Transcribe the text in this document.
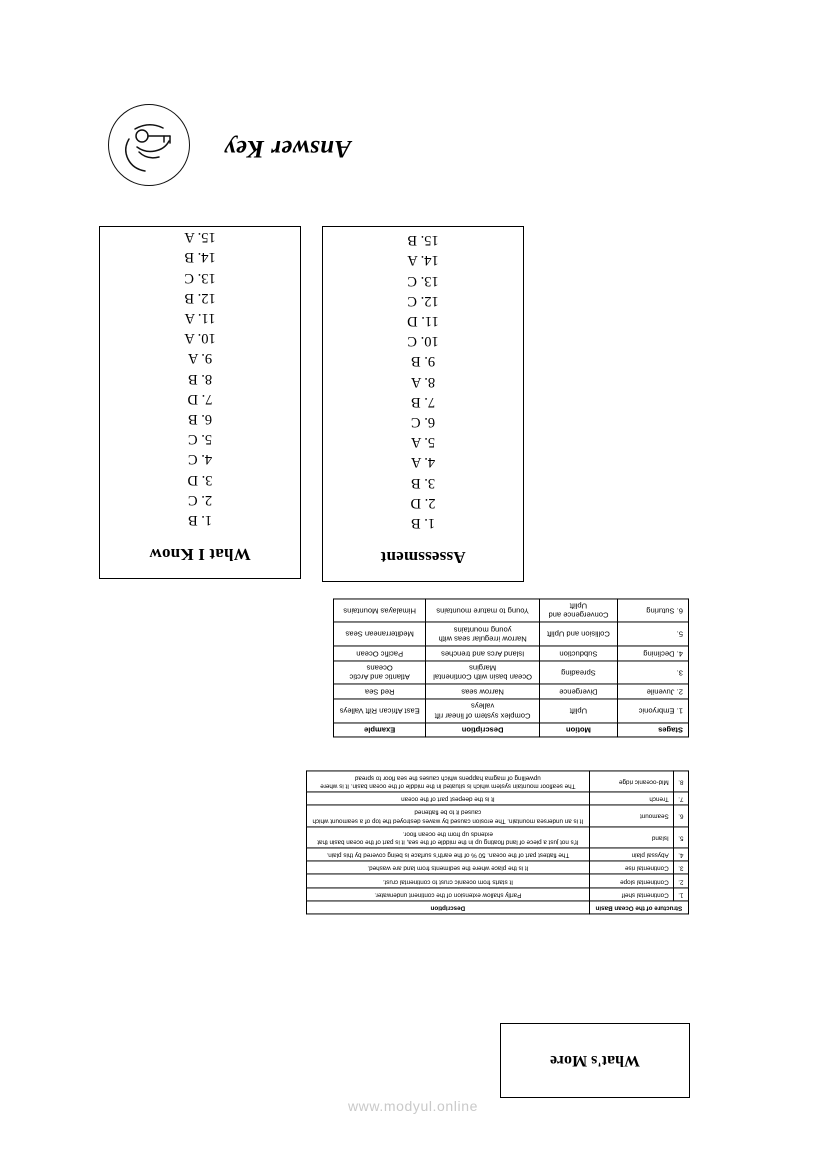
Answer Key
Assessment
1. B
2. D
3. B
4. A
5. A
6. C
7. B
8. A
9. B
10. C
11. D
12. C
13. C
14. A
15. B
What I Know
1. B
2. C
3. D
4. C
5. C
6. B
7. D
8. B
9. A
10. A
11. A
12. B
13. C
14. B
15. A
Stages	Motion	Description	Example
1. Embryonic	Uplift	Complex system of linear rift valleys	East African Rift Valleys
2. Juvenile	Divergence	Narrow seas	Red Sea
3.	Spreading	Ocean basin with Continental Margins	Atlantic and Arctic Oceans
4. Declining	Subduction	Island Arcs and trenches	Pacific Ocean
5.	Collision and Uplift	Narrow irregular seas with young mountains	Mediterranean Seas
6. Suturing	Convergence and Uplift	Young to mature mountains	Himalayas Mountains
Structure of the Ocean Basin		Description
1.	Continental shelf	Partly shallow extension of the continent underwater.
2.	Continental slope	It starts from oceanic crust to continental crust.
3.	Continental rise	It is the place where the sediments from land are washed.
4.	Abyssal plain	The flattest part of the ocean. 50 % of the earth's surface is being covered by this plain.
5.	Island	It's not just a piece of land floating up in the middle of the sea, it is part of the ocean basin that extends up from the ocean floor.
6.	Seamount	It is an undersea mountain. The erosion caused by waves destroyed the top of a seamount which caused it to be flattened
7.	Trench	It is the deepest part of the ocean
8.	Mid-oceanic ridge	The seafloor mountain system which is situated in the middle of the ocean basin. It is where upwelling of magma happens which causes the sea floor to spread
What's More
www.modyul.online
